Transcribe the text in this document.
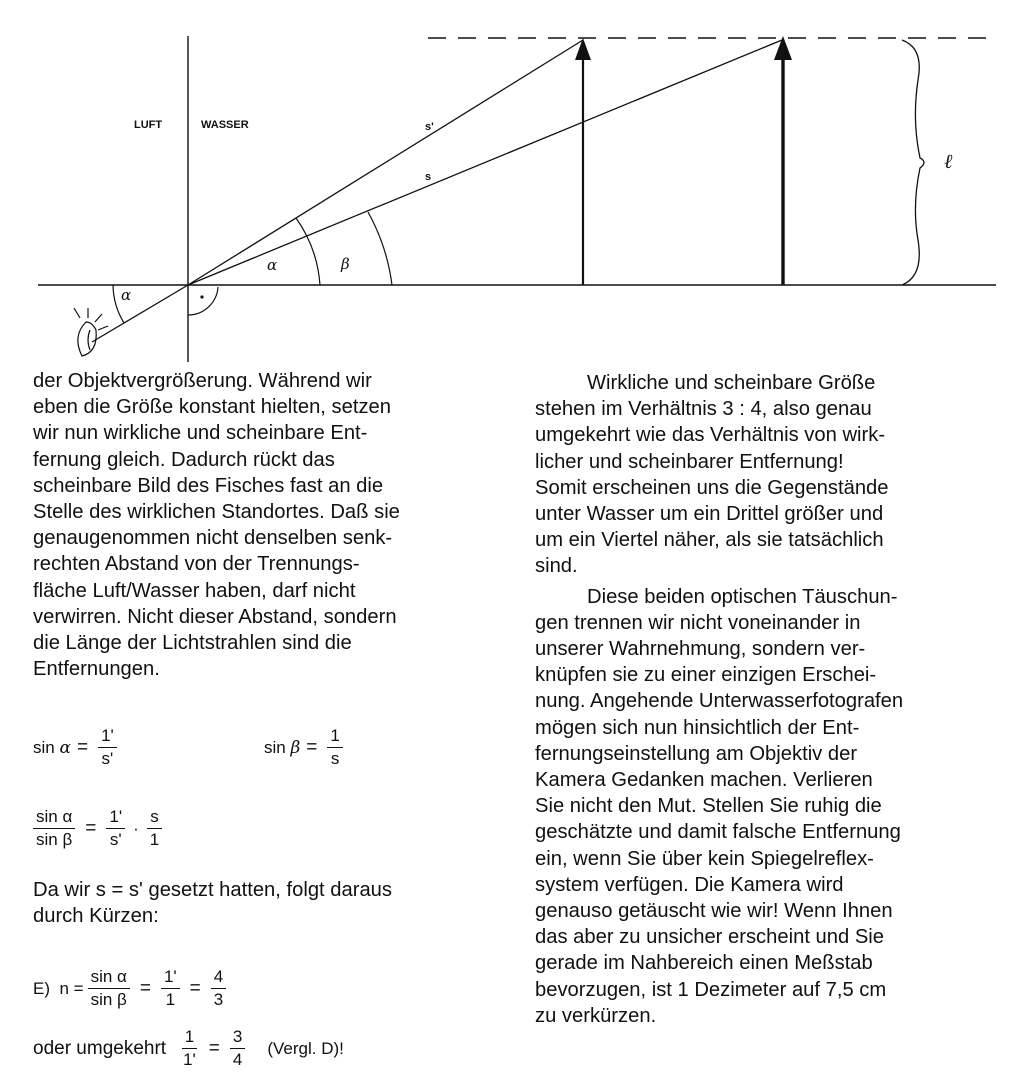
LUFT	WASSER	s'
s
α	β
α
ℓ
der Objektvergrößerung. Während wir
eben die Größe konstant hielten, setzen
wir nun wirkliche und scheinbare Ent-
fernung gleich. Dadurch rückt das
scheinbare Bild des Fisches fast an die
Stelle des wirklichen Standortes. Daß sie
genaugenommen nicht denselben senk-
rechten Abstand von der Trennungs-
fläche Luft/Wasser haben, darf nicht
verwirren. Nicht dieser Abstand, sondern
die Länge der Lichtstrahlen sind die
Entfernungen.
sin
$\alpha = \frac{1'}{s'}$	sin
$\beta = \frac{1}{s}$
$\frac{\text{sin α}}{\text{sin β}} = \frac{1'}{s'} \cdot \frac{s}{1}$
Da wir s = s' gesetzt hatten, folgt daraus
durch Kürzen:
E)
$n = \frac{\text{sin α}}{\text{sin β}} = \frac{1'}{1} = \frac{4}{3}$
oder umgekehrt $\frac{1}{1'} = \frac{3}{4}$ (Vergl. D)!
Wirkliche und scheinbare Größe
stehen im Verhältnis 3 : 4, also genau
umgekehrt wie das Verhältnis von wirk-
licher und scheinbarer Entfernung!
Somit erscheinen uns die Gegenstände
unter Wasser um ein Drittel größer und
um ein Viertel näher, als sie tatsächlich
sind.
Diese beiden optischen Täuschun-
gen trennen wir nicht voneinander in
unserer Wahrnehmung, sondern ver-
knüpfen sie zu einer einzigen Erschei-
nung. Angehende Unterwasserfotografen
mögen sich nun hinsichtlich der Ent-
fernungseinstellung am Objektiv der
Kamera Gedanken machen. Verlieren
Sie nicht den Mut. Stellen Sie ruhig die
geschätzte und damit falsche Entfernung
ein, wenn Sie über kein Spiegelreflex-
system verfügen. Die Kamera wird
genauso getäuscht wie wir! Wenn Ihnen
das aber zu unsicher erscheint und Sie
gerade im Nahbereich einen Meßstab
bevorzugen, ist 1 Dezimeter auf 7,5 cm
zu verkürzen.
